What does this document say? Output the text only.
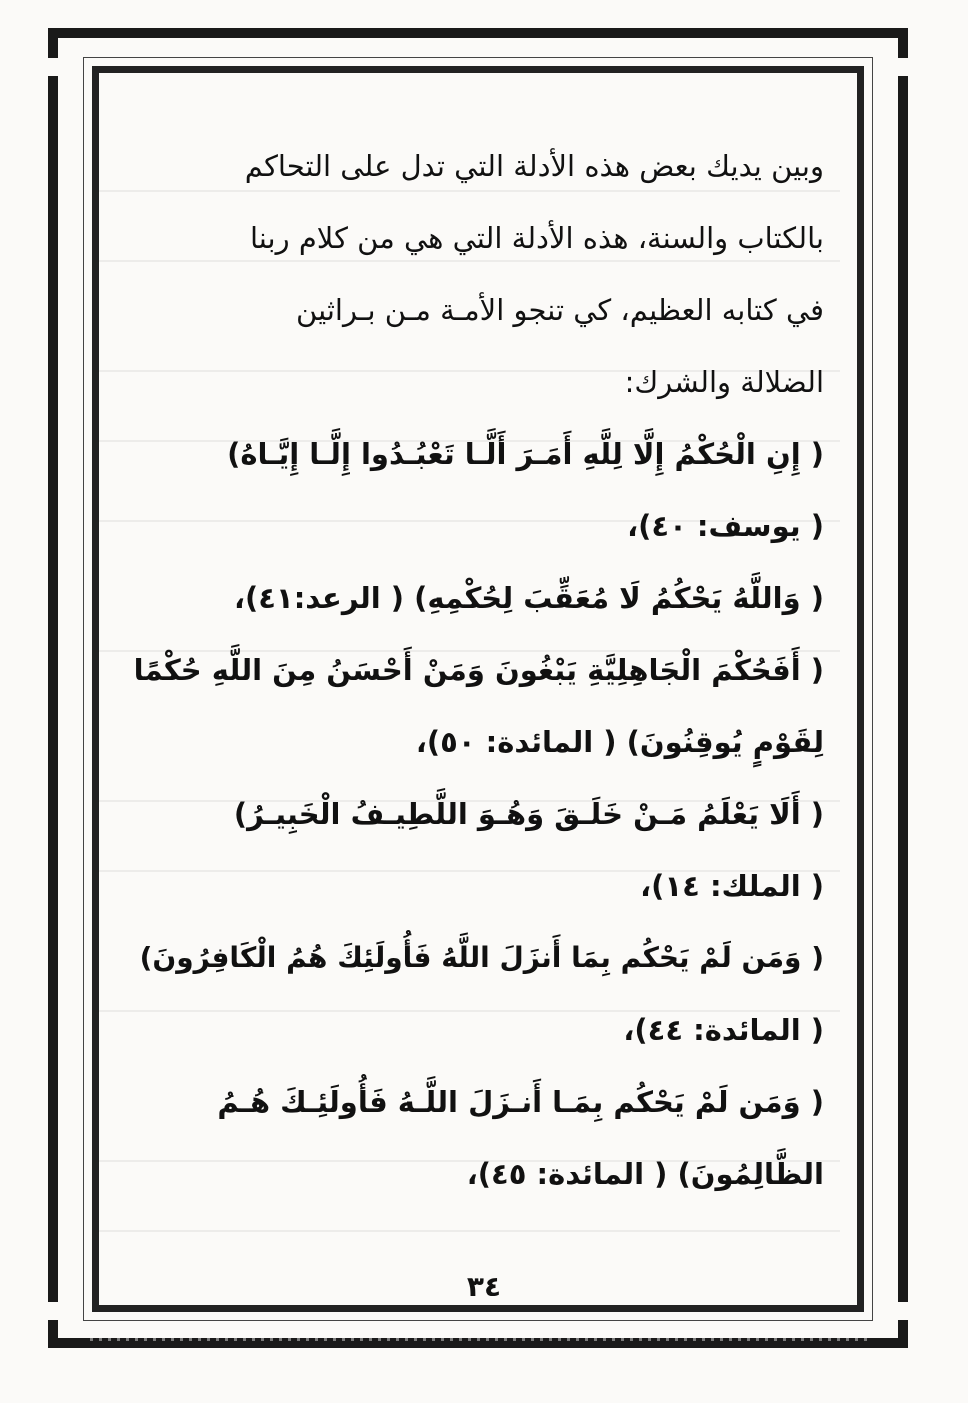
وبين يديك بعض هذه الأدلة التي تدل على التحاكم
بالكتاب والسنة، هذه الأدلة التي هي من كلام ربنا
في كتابه العظيم، كي تنجو الأمـة مـن بـراثين
الضلالة والشرك:
( إِنِ الْحُكْمُ إِلَّا لِلَّهِ أَمَـرَ أَلَّـا تَعْبُـدُوا إِلَّـا إِيَّـاهُ)
( يوسف: ٤٠)،
( وَاللَّهُ يَحْكُمُ لَا مُعَقِّبَ لِحُكْمِهِ) ( الرعد:٤١)،
( أَفَحُكْمَ الْجَاهِلِيَّةِ يَبْغُونَ وَمَنْ أَحْسَنُ مِنَ اللَّهِ حُكْمًا
لِقَوْمٍ يُوقِنُونَ) ( المائدة: ٥٠)،
( أَلَا يَعْلَمُ مَـنْ خَلَـقَ وَهُـوَ اللَّطِيـفُ الْخَبِيـرُ)
( الملك: ١٤)،
( وَمَن لَمْ يَحْكُم بِمَا أَنزَلَ اللَّهُ فَأُولَئِكَ هُمُ الْكَافِرُونَ)
( المائدة: ٤٤)،
( وَمَن لَمْ يَحْكُم بِمَـا أَنـزَلَ اللَّـهُ فَأُولَئِـكَ هُـمُ
الظَّالِمُونَ) ( المائدة: ٤٥)،
٣٤
